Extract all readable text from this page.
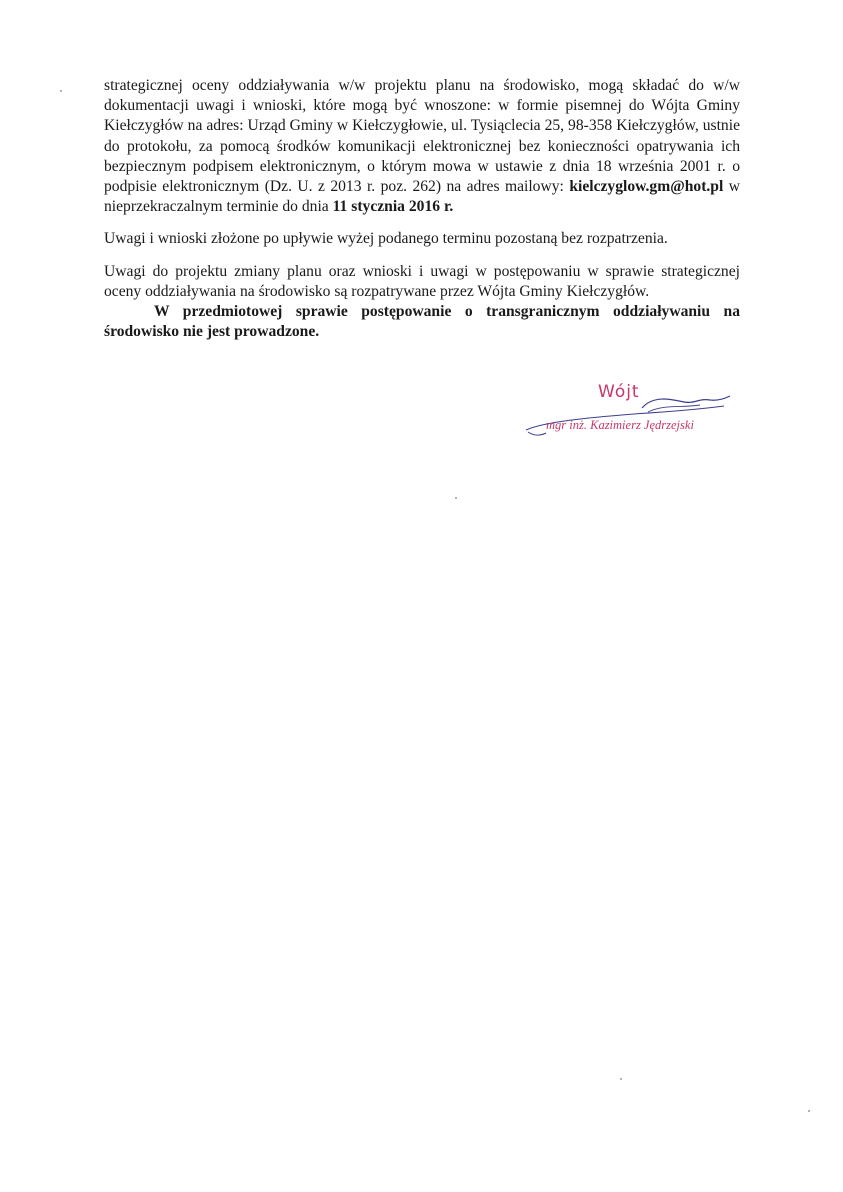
strategicznej oceny oddziaływania w/w projektu planu na środowisko, mogą składać do w/w dokumentacji uwagi i wnioski, które mogą być wnoszone: w formie pisemnej do Wójta Gminy Kiełczygłów na adres: Urząd Gminy w Kiełczygłowie, ul. Tysiąclecia 25, 98-358 Kiełczygłów, ustnie do protokołu, za pomocą środków komunikacji elektronicznej bez konieczności opatrywania ich bezpiecznym podpisem elektronicznym, o którym mowa w ustawie z dnia 18 września 2001 r. o podpisie elektronicznym (Dz. U. z 2013 r. poz. 262) na adres mailowy: kielczyglow.gm@hot.pl w nieprzekraczalnym terminie do dnia 11 stycznia 2016 r.

Uwagi i wnioski złożone po upływie wyżej podanego terminu pozostaną bez rozpatrzenia.

Uwagi do projektu zmiany planu oraz wnioski i uwagi w postępowaniu w sprawie strategicznej oceny oddziaływania na środowisko są rozpatrywane przez Wójta Gminy Kiełczygłów.

W przedmiotowej sprawie postępowanie o transgranicznym oddziaływaniu na środowisko nie jest prowadzone.

Wójt
mgr inż. Kazimierz Jędrzejski
